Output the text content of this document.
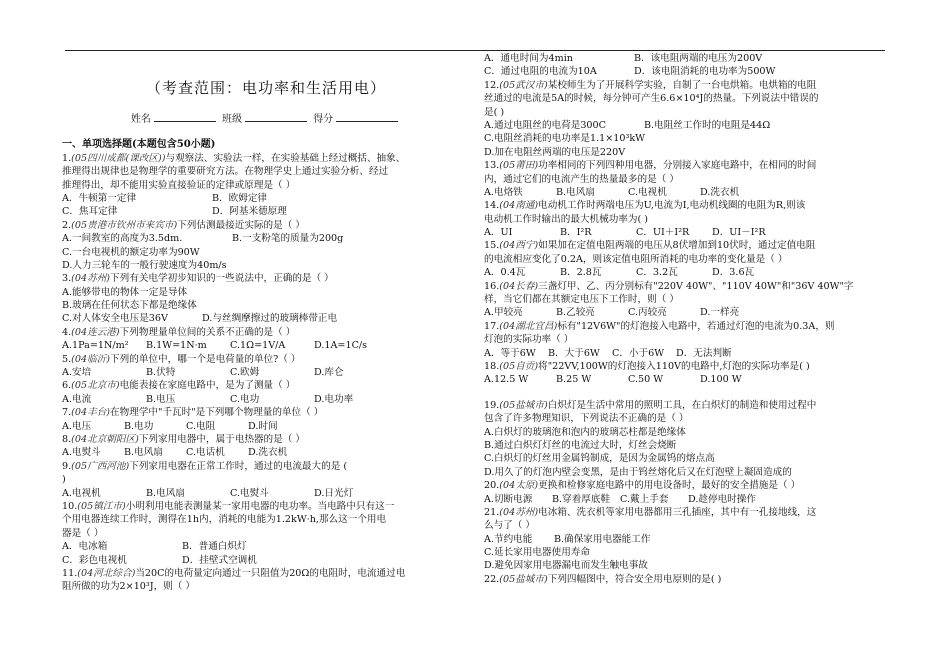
（考查范围：电功率和生活用电）
姓名	班级	得分
一、单项选择题(本题包含50小题)
1.(05四川成都(课改区))与观察法、实验法一样，在实验基础上经过概括、抽象、
推理得出规律也是物理学的重要研究方法。在物理学史上通过实验分析、经过
推理得出，却不能用实验直接验证的定律或原理是（ ）
A．牛顿第一定律	B．欧姆定律
C．焦耳定律	D．阿基米德原理
2.(05贵港市钦州市来宾市)下列估测最接近实际的是（ ）
A.一间教室的高度为3.5dm.	B.一支粉笔的质量为200g
C.一台电视机的额定功率为90W
D.人力三轮车的一般行驶速度为40m/s
3.(04苏州)下列有关电学初步知识的一些说法中，正确的是（ ）
A.能够带电的物体一定是导体
B.玻璃在任何状态下都是绝缘体
C.对人体安全电压是36V	D.与丝绸摩擦过的玻璃棒带正电
4.(04连云港)下列物理量单位间的关系不正确的是（ ）
A.1Pa=1N/m² B.1W=1N·m C.1Ω=1V/A	D.1A=1C/s
5.(04临沂)下列的单位中，哪一个是电荷量的单位?（ ）
A.安培	B.伏特	C.欧姆	D.库仑
6.(05北京市)电能表接在家庭电路中，是为了测量（ ）
A.电流	B.电压	C.电功	D.电功率
7.(04丰台)在物理学中"千瓦时"是下列哪个物理量的单位（ ）
A.电压	B.电功	C.电阻	D.时间
8.(04北京朝阳区)下列家用电器中，属于电热器的是（ ）
A.电熨斗 B.电风扇 C.电话机 D.洗衣机
9.(05广西河池)下列家用电器在正常工作时，通过的电流最大的是 (
)
A.电视机	B.电风扇	C.电熨斗	D.日光灯
10.(05镇江市)小明利用电能表测量某一家用电器的电功率。当电路中只有这一
个用电器连续工作时，测得在1h内，消耗的电能为1.2kW·h,那么这一个用电
器是（ ）
A．电冰箱	B．普通白炽灯
C．彩色电视机	D．挂壁式空调机
11.(04河北综合)当20C的电荷量定向通过一只阻值为20Ω的电阻时，电流通过电
阻所做的功为2×10³J，则（ ）
A．通电时间为4min	B．该电阻两端的电压为200V
C．通过电阻的电流为10A	D．该电阻消耗的电功率为500W
12.(05武汉市)某校师生为了开展科学实验，自制了一台电烘箱。电烘箱的电阻
丝通过的电流是5A的时候，每分钟可产生6.6×10⁴J的热量。下列说法中错误的
是( )
A.通过电阻丝的电荷是300C	B.电阻丝工作时的电阻是44Ω
C.电阻丝消耗的电功率是1.1×10³kW
D.加在电阻丝两端的电压是220V
13.(05莆田)功率相同的下列四种用电器，分别接入家庭电路中，在相同的时间
内，通过它们的电流产生的热量最多的是（ ）
A.电烙铁	B.电风扇	C.电视机	D.洗衣机
14.(04南通)电动机工作时两端电压为U,电流为I,电动机线圈的电阻为R,则该
电动机工作时输出的最大机械功率为( )
A．UI	B．I²R	C．UI＋I²R D．UI－I²R
15.(04西宁)如果加在定值电阻两端的电压从8伏增加到10伏时，通过定值电阻
的电流相应变化了0.2A，则该定值电阻所消耗的电功率的变化量是（ ）
A．0.4瓦	B．2.8瓦	C．3.2瓦	D．3.6瓦
16.(04长春)三盏灯甲、乙、丙分别标有"220V 40W"、"110V 40W"和"36V 40W"字
样，当它们都在其额定电压下工作时，则（ ）
A.甲较亮	B.乙较亮	C.丙较亮	D.一样亮
17.(04湖北宜昌)标有"12V6W"的灯泡接入电路中，若通过灯泡的电流为0.3A，则
灯泡的实际功率（ ）
A．等于6W B．大于6W C．小于6W D．无法判断
18.(05自贡)将"22VV,100W的灯泡接入110V的电路中,灯泡的实际功率是( )
A.12.5 W	B.25 W	C.50 W	D.100 W
19.(05盐城市)白炽灯是生活中常用的照明工具，在白炽灯的制造和使用过程中
包含了许多物理知识，下列说法不正确的是（ ）
A.白炽灯的玻璃泡和泡内的玻璃芯柱都是绝缘体
B.通过白炽灯灯丝的电流过大时，灯丝会烧断
C.白炽灯的灯丝用金属钨制成，是因为金属钨的熔点高
D.用久了的灯泡内壁会变黑，是由于钨丝熔化后又在灯泡壁上凝固造成的
20.(04太原)更换和检修家庭电路中的用电设备时，最好的安全措施是（ ）
A.切断电源 B.穿着厚底鞋 C.戴上手套 D.趁停电时操作
21.(04苏州)电冰箱、洗衣机等家用电器都用三孔插座，其中有一孔接地线，这
么与了（ ）
A.节约电能 B.确保家用电器能工作
C.延长家用电器使用寿命
D.避免因家用电器漏电而发生触电事故
22.(05盐城市)下列四幅图中，符合安全用电原则的是( )
